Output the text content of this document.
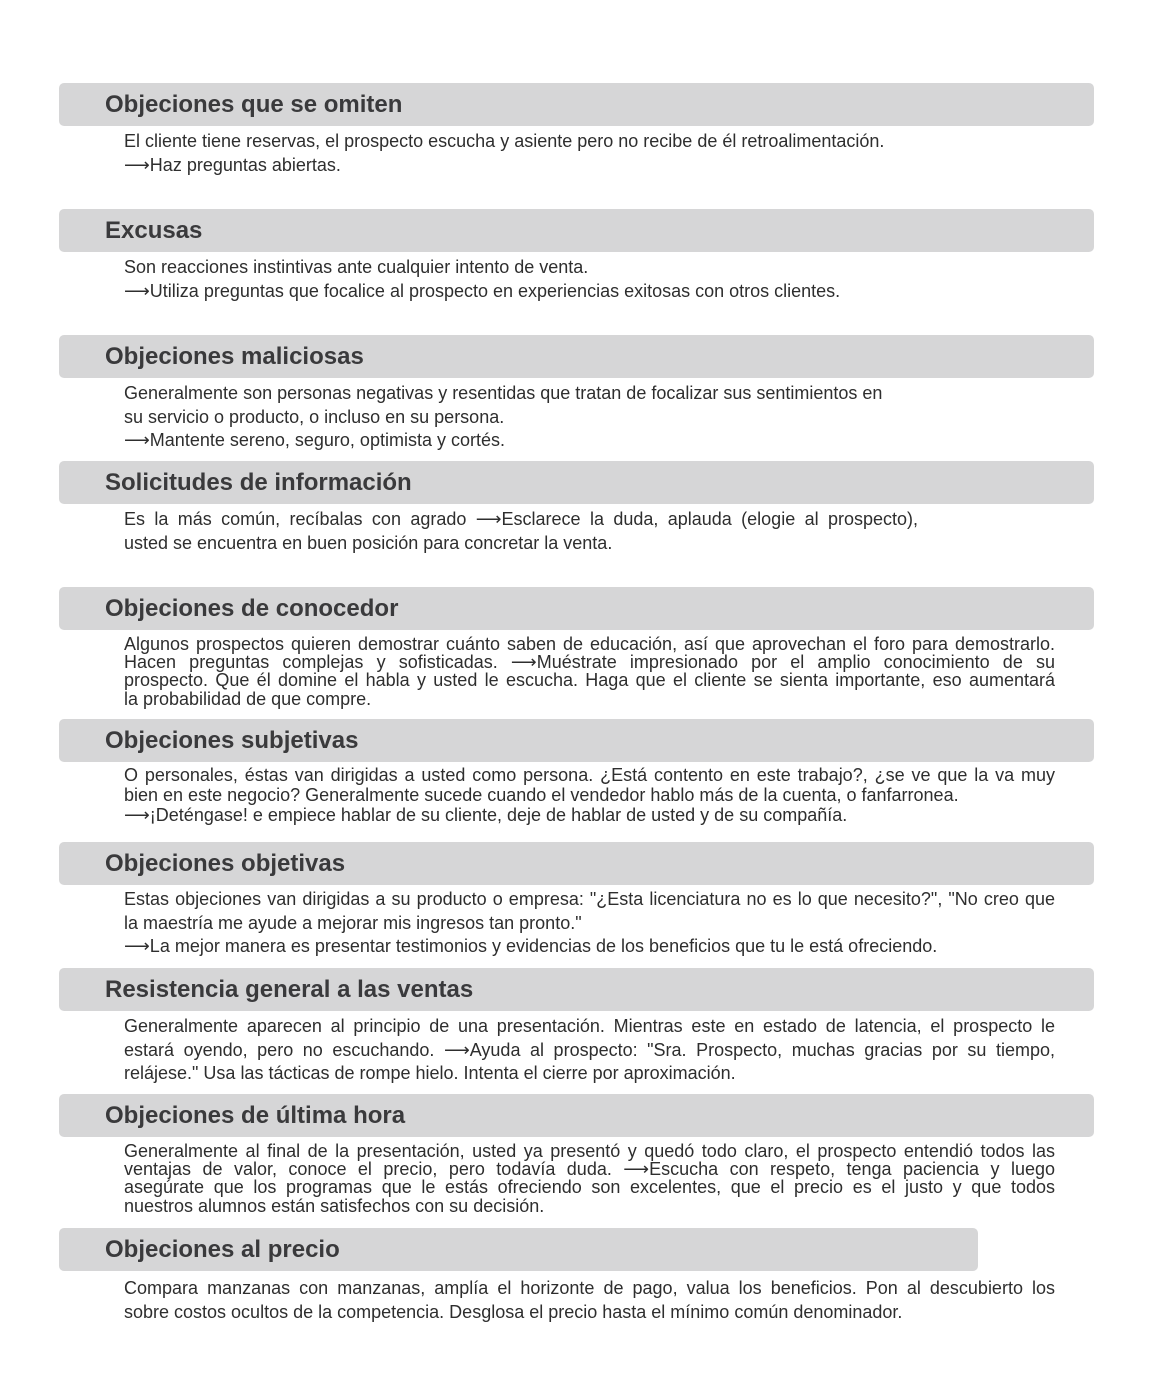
Objeciones que se omiten
El cliente tiene reservas, el prospecto escucha y asiente pero no recibe de él retroalimentación.
⟶Haz preguntas abiertas.
Excusas
Son reacciones instintivas ante cualquier intento de venta.
⟶Utiliza preguntas que focalice al prospecto en experiencias exitosas con otros clientes.
Objeciones maliciosas
Generalmente son personas negativas y resentidas que tratan de focalizar sus sentimientos en
su servicio o producto, o incluso en su persona.
⟶Mantente sereno, seguro, optimista y cortés.
Solicitudes de información
Es la más común, recíbalas con agrado ⟶Esclarece la duda, aplauda (elogie al prospecto),
usted se encuentra en buen posición para concretar la venta.
Objeciones de conocedor
Algunos prospectos quieren demostrar cuánto saben de educación, así que aprovechan el foro para demostrarlo.
Hacen preguntas complejas y sofisticadas. ⟶Muéstrate impresionado por el amplio conocimiento de su
prospecto. Que él domine el habla y usted le escucha. Haga que el cliente se sienta importante, eso aumentará
la probabilidad de que compre.
Objeciones subjetivas
O personales, éstas van dirigidas a usted como persona. ¿Está contento en este trabajo?, ¿se ve que la va muy
bien en este negocio? Generalmente sucede cuando el vendedor hablo más de la cuenta, o fanfarronea.
⟶¡Deténgase! e empiece hablar de su cliente, deje de hablar de usted y de su compañía.
Objeciones objetivas
Estas objeciones van dirigidas a su producto o empresa: "¿Esta licenciatura no es lo que necesito?", "No creo que
la maestría me ayude a mejorar mis ingresos tan pronto."
⟶La mejor manera es presentar testimonios y evidencias de los beneficios que tu le está ofreciendo.
Resistencia general a las ventas
Generalmente aparecen al principio de una presentación. Mientras este en estado de latencia, el prospecto le
estará oyendo, pero no escuchando. ⟶Ayuda al prospecto: "Sra. Prospecto, muchas gracias por su tiempo,
relájese." Usa las tácticas de rompe hielo. Intenta el cierre por aproximación.
Objeciones de última hora
Generalmente al final de la presentación, usted ya presentó y quedó todo claro, el prospecto entendió todos las
ventajas de valor, conoce el precio, pero todavía duda. ⟶Escucha con respeto, tenga paciencia y luego
asegúrate que los programas que le estás ofreciendo son excelentes, que el precio es el justo y que todos
nuestros alumnos están satisfechos con su decisión.
Objeciones al precio
Compara manzanas con manzanas, amplía el horizonte de pago, valua los beneficios. Pon al descubierto los
sobre costos ocultos de la competencia. Desglosa el precio hasta el mínimo común denominador.
